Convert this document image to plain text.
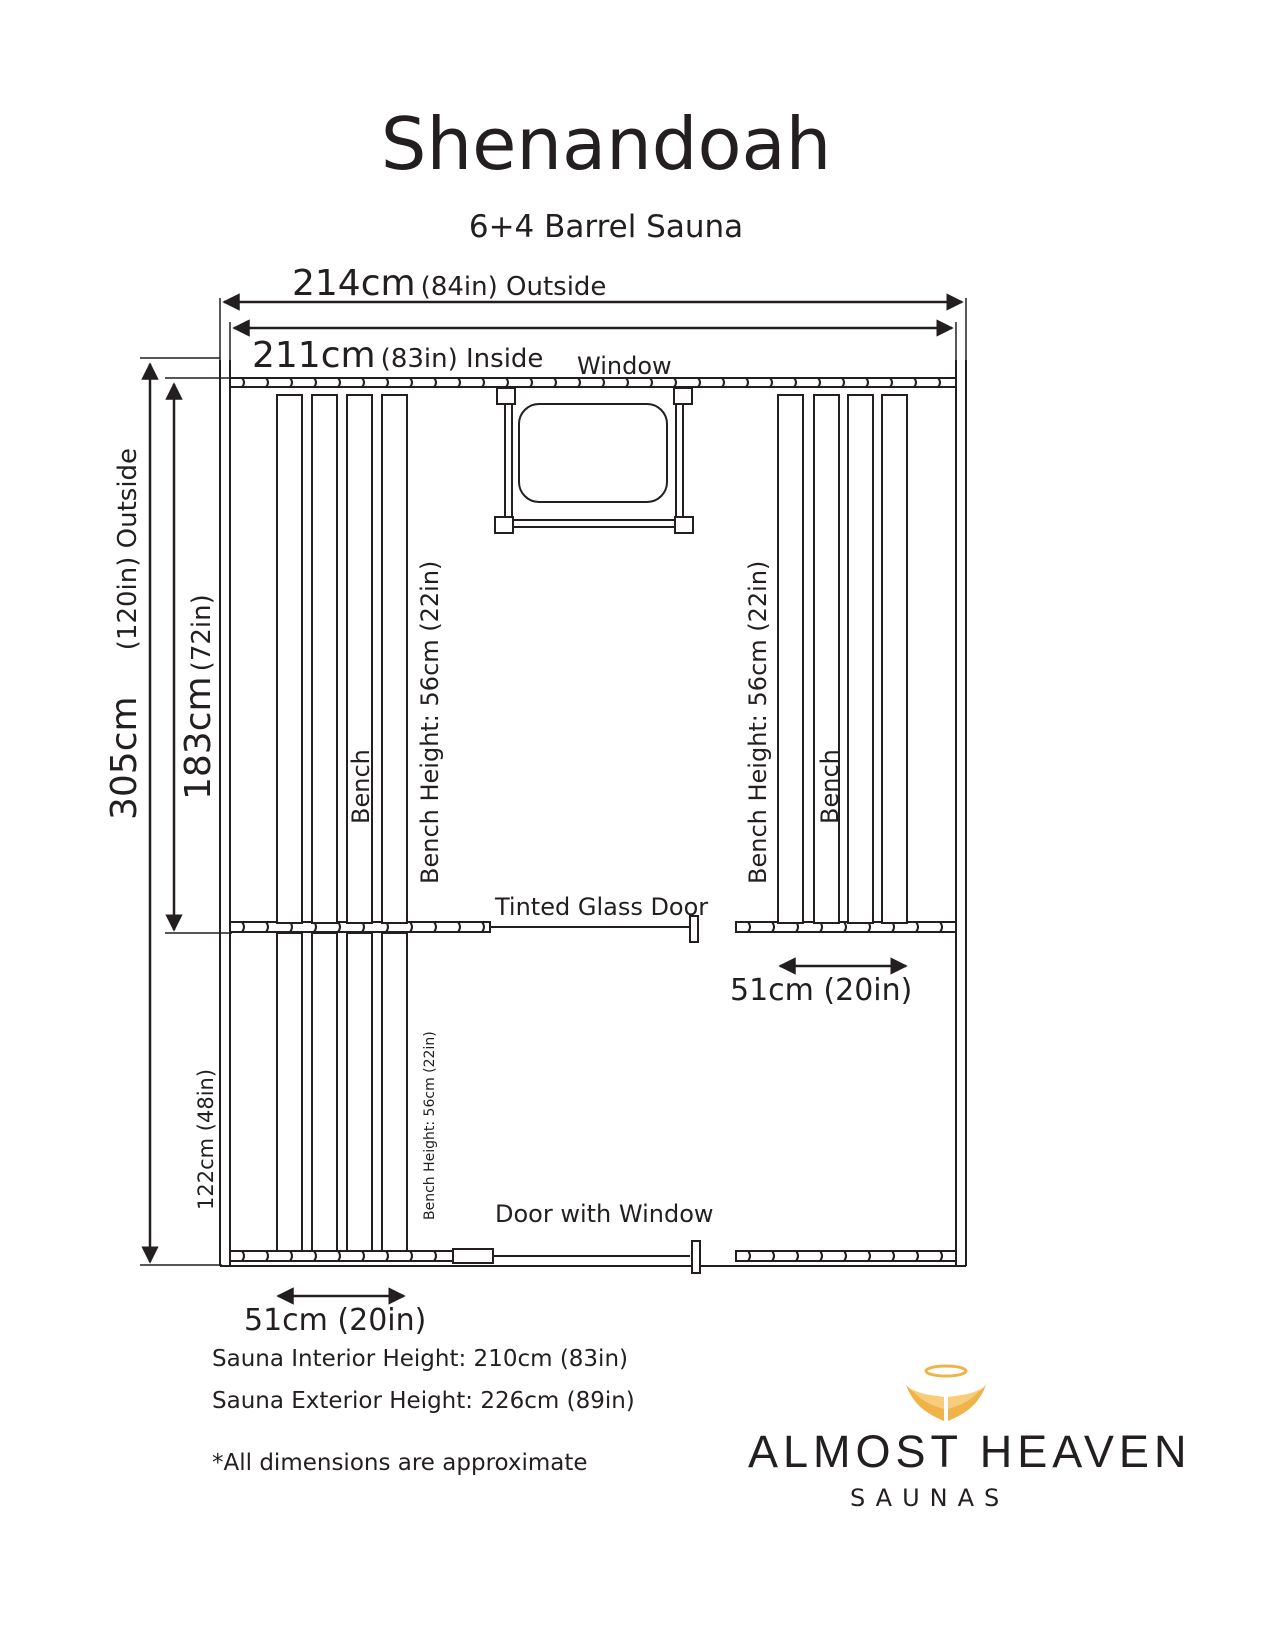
Shenandoah
6+4 Barrel Sauna
214cm (84in) Outside
211cm (83in) Inside
305cm  (120in) Outside
183cm (72in)
122cm (48in)
Window
Bench	Bench
Bench Height: 56cm (22in)	Bench Height: 56cm (22in)
Bench Height: 56cm (22in)
Tinted Glass Door
Door with Window
51cm (20in)
51cm (20in)
Sauna Interior Height: 210cm (83in)
Sauna Exterior Height: 226cm (89in)
*All dimensions are approximate	ALMOST HEAVEN
SAUNAS
